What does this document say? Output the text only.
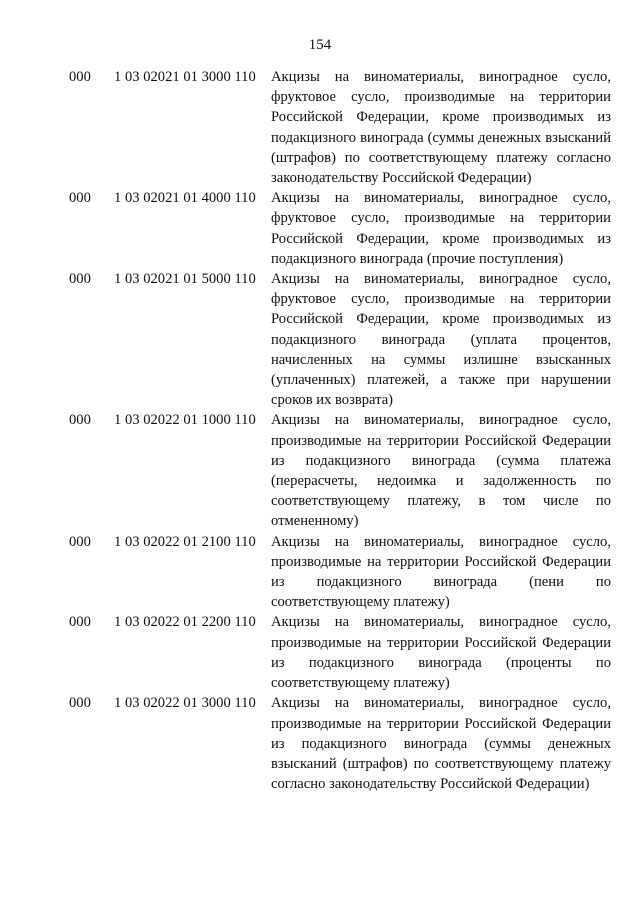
154
000 1 03 02021 01 3000 110 Акцизы на виноматериалы, виноградное сусло, фруктовое сусло, производимые на территории Российской Федерации, кроме производимых из подакцизного винограда (суммы денежных взысканий (штрафов) по соответствующему платежу согласно законодательству Российской Федерации)
000 1 03 02021 01 4000 110 Акцизы на виноматериалы, виноградное сусло, фруктовое сусло, производимые на территории Российской Федерации, кроме производимых из подакцизного винограда (прочие поступления)
000 1 03 02021 01 5000 110 Акцизы на виноматериалы, виноградное сусло, фруктовое сусло, производимые на территории Российской Федерации, кроме производимых из подакцизного винограда (уплата процентов, начисленных на суммы излишне взысканных (уплаченных) платежей, а также при нарушении сроков их возврата)
000 1 03 02022 01 1000 110 Акцизы на виноматериалы, виноградное сусло, производимые на территории Российской Федерации из подакцизного винограда (сумма платежа (перерасчеты, недоимка и задолженность по соответствующему платежу, в том числе по отмененному)
000 1 03 02022 01 2100 110 Акцизы на виноматериалы, виноградное сусло, производимые на территории Российской Федерации из подакцизного винограда (пени по соответствующему платежу)
000 1 03 02022 01 2200 110 Акцизы на виноматериалы, виноградное сусло, производимые на территории Российской Федерации из подакцизного винограда (проценты по соответствующему платежу)
000 1 03 02022 01 3000 110 Акцизы на виноматериалы, виноградное сусло, производимые на территории Российской Федерации из подакцизного винограда (суммы денежных взысканий (штрафов) по соответствующему платежу согласно законодательству Российской Федерации)
